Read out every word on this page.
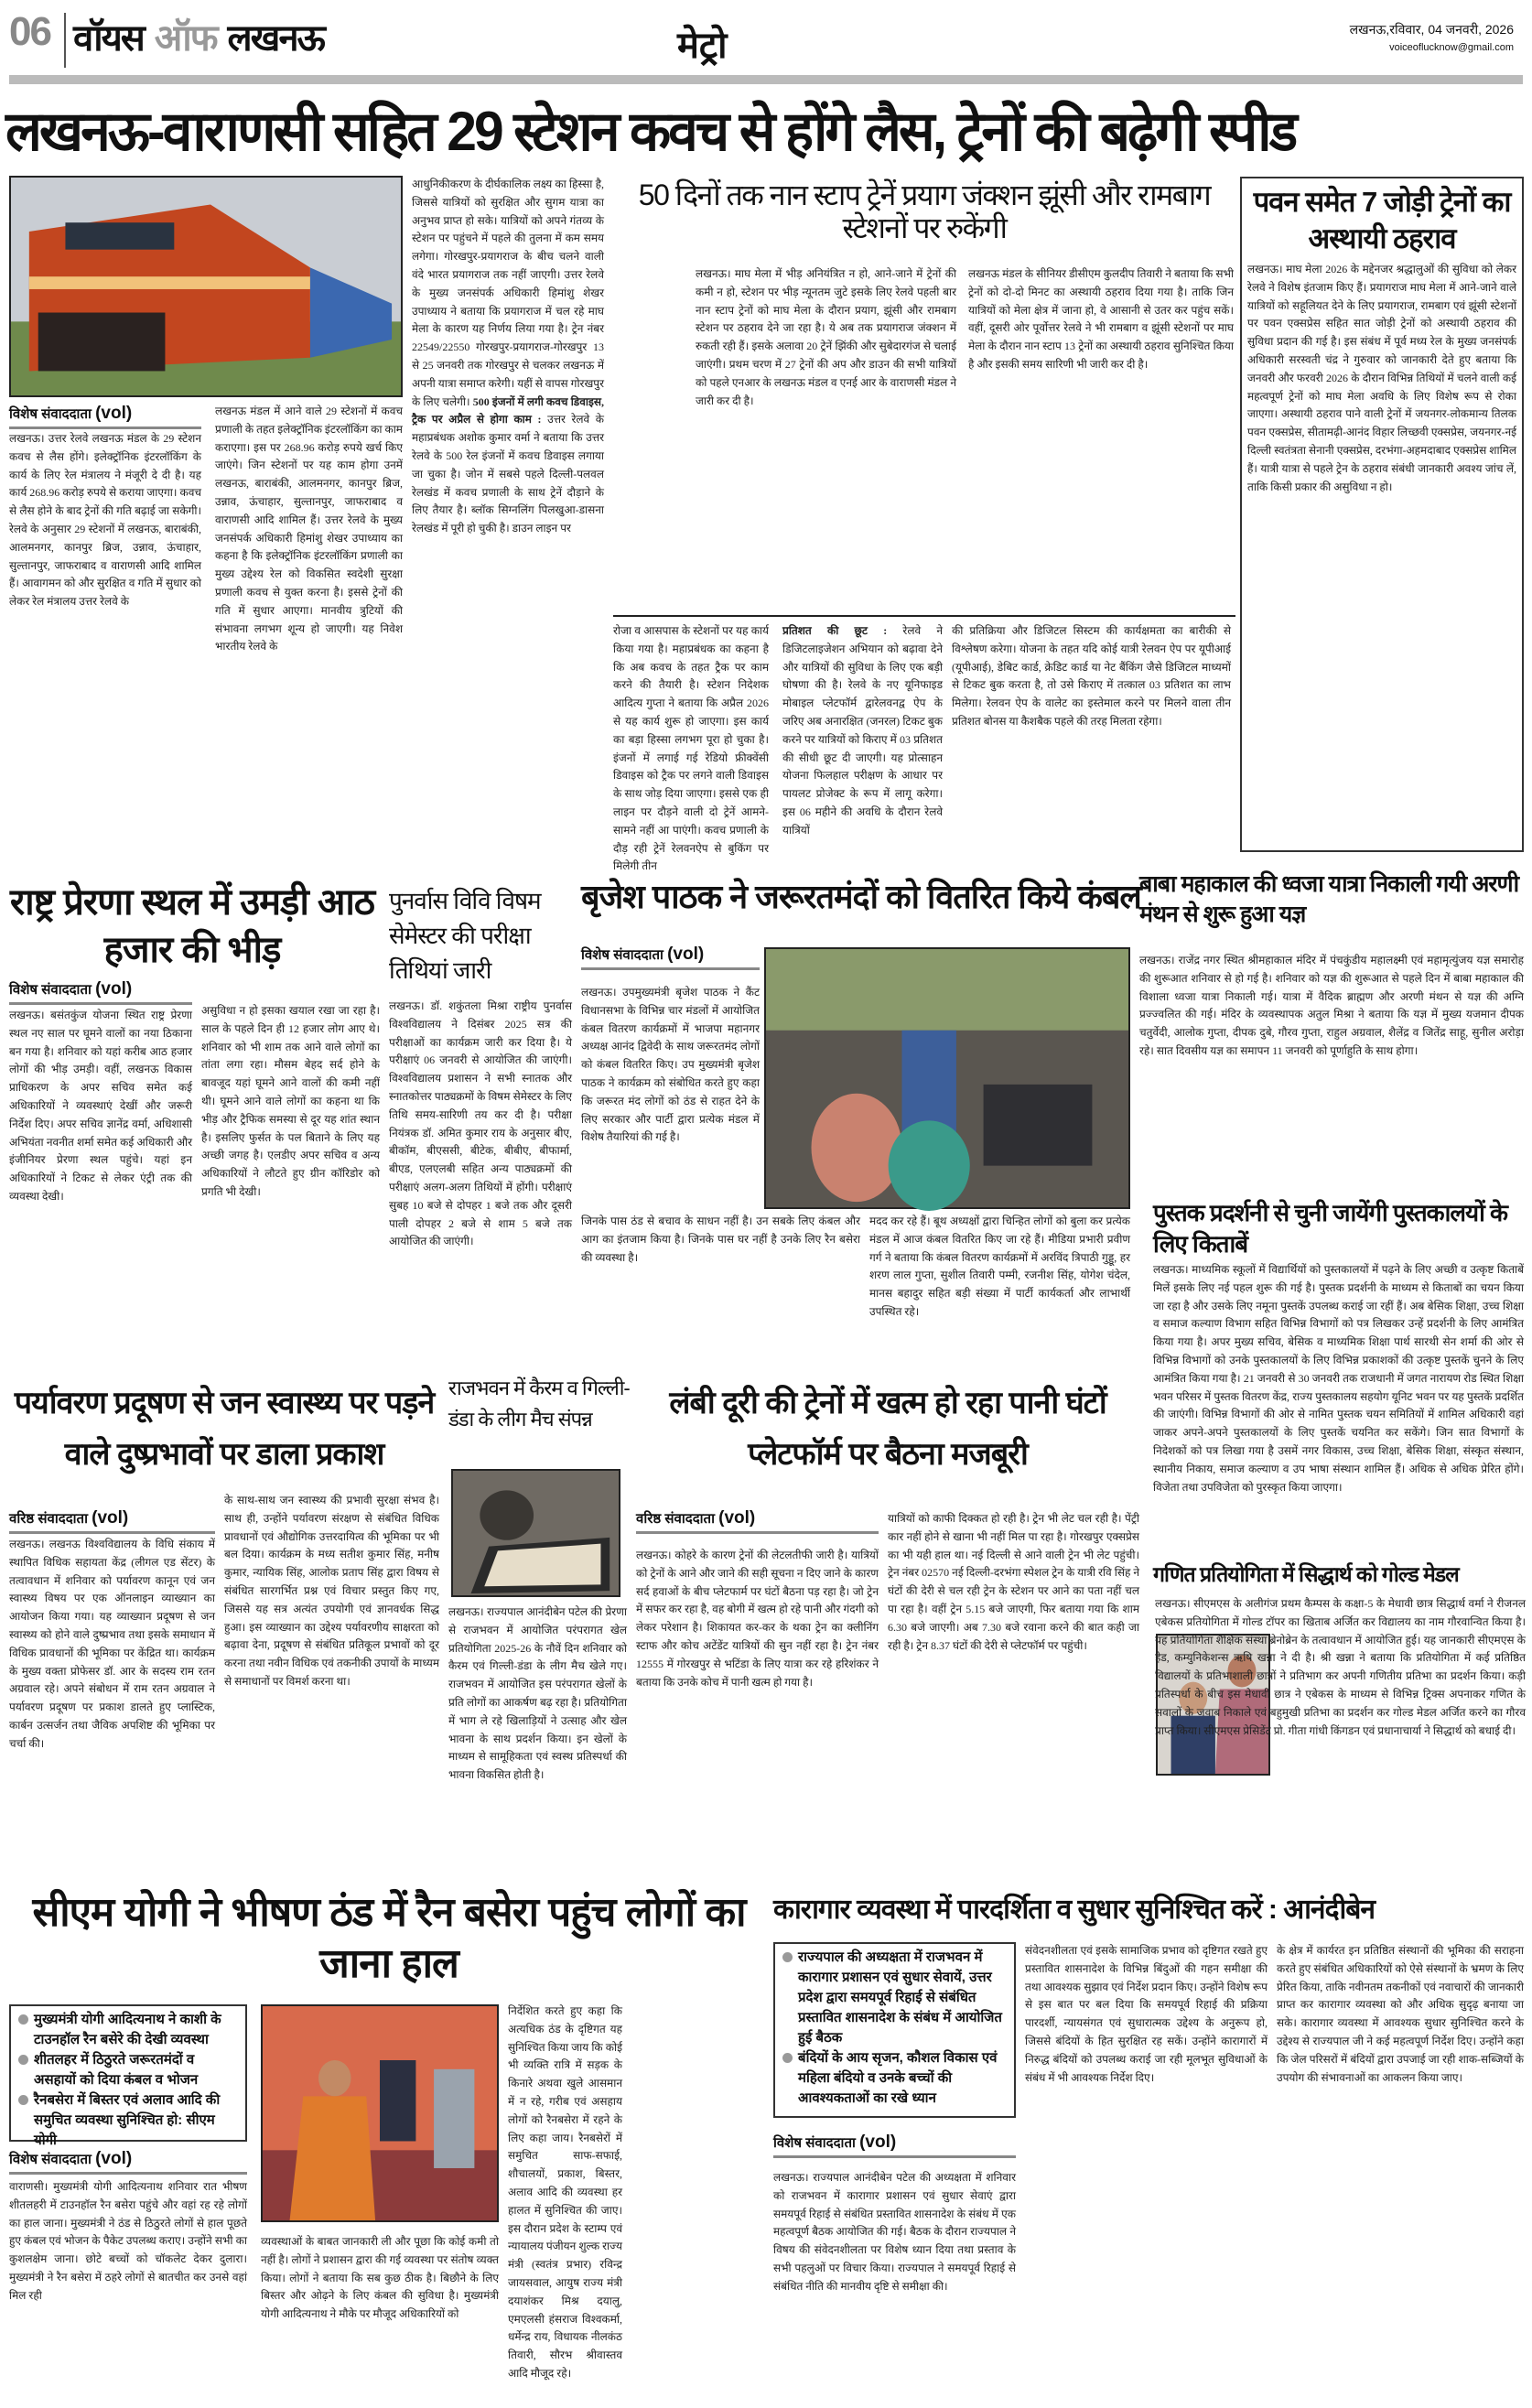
06 वॉयस ऑफ लखनऊ	मेट्रो	लखनऊ,रविवार, 04 जनवरी, 2026
voiceoflucknow@gmail.com
लखनऊ-वाराणसी सहित 29 स्टेशन कवच से होंगे लैस, ट्रेनों की बढ़ेगी स्पीड
विशेष संवाददाता (vol)
लखनऊ। उत्तर रेलवे लखनऊ मंडल के 29 स्टेशन कवच से लैस होंगे। इलेक्ट्रॉनिक इंटरलॉकिंग के कार्य के लिए रेल मंत्रालय ने मंजूरी दे दी है। यह कार्य 268.96 करोड़ रुपये से कराया जाएगा। कवच से लैस होने के बाद ट्रेनों की गति बढ़ाई जा सकेगी। रेलवे के अनुसार 29 स्टेशनों में लखनऊ, बाराबंकी, आलमनगर, कानपुर ब्रिज, उन्नाव, ऊंचाहार, सुल्तानपुर, जाफराबाद व वाराणसी आदि शामिल हैं। आवागमन को और सुरक्षित व गति में सुधार को लेकर रेल मंत्रालय उत्तर रेलवे के
लखनऊ मंडल में आने वाले 29 स्टेशनों में कवच प्रणाली के तहत इलेक्ट्रॉनिक इंटरलॉकिंग का काम कराएगा। इस पर 268.96 करोड़ रुपये खर्च किए जाएंगे। जिन स्टेशनों पर यह काम होगा उनमें लखनऊ, बाराबंकी, आलमनगर, कानपुर ब्रिज, उन्नाव, ऊंचाहार, सुल्तानपुर, जाफराबाद व वाराणसी आदि शामिल हैं। उत्तर रेलवे के मुख्य जनसंपर्क अधिकारी हिमांशु शेखर उपाध्याय का कहना है कि इलेक्ट्रॉनिक इंटरलॉकिंग प्रणाली का मुख्य उद्देश्य रेल को विकसित स्वदेशी सुरक्षा प्रणाली कवच से युक्त करना है। इससे ट्रेनों की गति में सुधार आएगा। मानवीय त्रुटियों की संभावना लगभग शून्य हो जाएगी। यह निवेश भारतीय रेलवे के
आधुनिकीकरण के दीर्घकालिक लक्ष्य का हिस्सा है, जिससे यात्रियों को सुरक्षित और सुगम यात्रा का अनुभव प्राप्त हो सके। यात्रियों को अपने गंतव्य के स्टेशन पर पहुंचने में पहले की तुलना में कम समय लगेगा। गोरखपुर-प्रयागराज के बीच चलने वाली वंदे भारत प्रयागराज तक नहीं जाएगी। उत्तर रेलवे के मुख्य जनसंपर्क अधिकारी हिमांशु शेखर उपाध्याय ने बताया कि प्रयागराज में चल रहे माघ मेला के कारण यह निर्णय लिया गया है। ट्रेन नंबर 22549/22550 गोरखपुर-प्रयागराज-गोरखपुर 13 से 25 जनवरी तक गोरखपुर से चलकर लखनऊ में अपनी यात्रा समाप्त करेगी। यहीं से वापस गोरखपुर के लिए चलेगी। 500 इंजनों में लगी कवच डिवाइस, ट्रैक पर अप्रैल से होगा काम : उत्तर रेलवे के महाप्रबंधक अशोक कुमार वर्मा ने बताया कि उत्तर रेलवे के 500 रेल इंजनों में कवच डिवाइस लगाया जा चुका है। जोन में सबसे पहले दिल्ली-पलवल रेलखंड में कवच प्रणाली के साथ ट्रेनें दौड़ाने के लिए तैयार है। ब्लॉक सिग्नलिंग पिलखुआ-डासना रेलखंड में पूरी हो चुकी है। डाउन लाइन पर
रोजा व आसपास के स्टेशनों पर यह कार्य किया गया है। महाप्रबंधक का कहना है कि अब कवच के तहत ट्रैक पर काम करने की तैयारी है। स्टेशन निदेशक आदित्य गुप्ता ने बताया कि अप्रैल 2026 से यह कार्य शुरू हो जाएगा। इस कार्य का बड़ा हिस्सा लगभग पूरा हो चुका है। इंजनों में लगाई गई रेडियो फ्रीक्वेंसी डिवाइस को ट्रैक पर लगने वाली डिवाइस के साथ जोड़ दिया जाएगा। इससे एक ही लाइन पर दौड़ने वाली दो ट्रेनें आमने-सामने नहीं आ पाएंगी। कवच प्रणाली के दौड़ रही ट्रेनें रेलवनऐप से बुकिंग पर मिलेगी तीन
50 दिनों तक नान स्टाप ट्रेनें प्रयाग जंक्शन झूंसी और रामबाग स्टेशनों पर रुकेंगी
लखनऊ। माघ मेला में भीड़ अनियंत्रित न हो, आने-जाने में ट्रेनों की कमी न हो, स्टेशन पर भीड़ न्यूनतम जुटे इसके लिए रेलवे पहली बार नान स्टाप ट्रेनों को माघ मेला के दौरान प्रयाग, झूंसी और रामबाग स्टेशन पर ठहराव देने जा रहा है। ये अब तक प्रयागराज जंक्शन में रुकती रही हैं। इसके अलावा 20 ट्रेनें झिंकी और सुबेदारगंज से चलाई जाएंगी। प्रथम चरण में 27 ट्रेनों की अप और डाउन की सभी यात्रियों को पहले एनआर के लखनऊ मंडल व एनई आर के वाराणसी मंडल ने जारी कर दी है।
लखनऊ मंडल के सीनियर डीसीएम कुलदीप तिवारी ने बताया कि सभी ट्रेनों को दो-दो मिनट का अस्थायी ठहराव दिया गया है। ताकि जिन यात्रियों को मेला क्षेत्र में जाना हो, वे आसानी से उतर कर पहुंच सकें। वहीं, दूसरी ओर पूर्वोत्तर रेलवे ने भी रामबाग व झूंसी स्टेशनों पर माघ मेला के दौरान नान स्टाप 13 ट्रेनों का अस्थायी ठहराव सुनिश्चित किया है और इसकी समय सारिणी भी जारी कर दी है।
प्रतिशत की छूट : रेलवे ने डिजिटलाइजेशन अभियान को बढ़ावा देने और यात्रियों की सुविधा के लिए एक बड़ी घोषणा की है। रेलवे के नए यूनिफाइड मोबाइल प्लेटफॉर्म द्वारेलवनद्व ऐप के जरिए अब अनारक्षित (जनरल) टिकट बुक करने पर यात्रियों को किराए में 03 प्रतिशत की सीधी छूट दी जाएगी। यह प्रोत्साहन योजना फिलहाल परीक्षण के आधार पर पायलट प्रोजेक्ट के रूप में लागू करेगा। इस 06 महीने की अवधि के दौरान रेलवे यात्रियों
की प्रतिक्रिया और डिजिटल सिस्टम की कार्यक्षमता का बारीकी से विश्लेषण करेगा। योजना के तहत यदि कोई यात्री रेलवन ऐप पर यूपीआई (यूपीआई), डेबिट कार्ड, क्रेडिट कार्ड या नेट बैंकिंग जैसे डिजिटल माध्यमों से टिकट बुक करता है, तो उसे किराए में तत्काल 03 प्रतिशत का लाभ मिलेगा। रेलवन ऐप के वालेट का इस्तेमाल करने पर मिलने वाला तीन प्रतिशत बोनस या कैशबैक पहले की तरह मिलता रहेगा।
पवन समेत 7 जोड़ी ट्रेनों का अस्थायी ठहराव
लखनऊ। माघ मेला 2026 के मद्देनजर श्रद्धालुओं की सुविधा को लेकर रेलवे ने विशेष इंतजाम किए हैं। प्रयागराज माघ मेला में आने-जाने वाले यात्रियों को सहूलियत देने के लिए प्रयागराज, रामबाग एवं झूंसी स्टेशनों पर पवन एक्सप्रेस सहित सात जोड़ी ट्रेनों को अस्थायी ठहराव की सुविधा प्रदान की गई है। इस संबंध में पूर्व मध्य रेल के मुख्य जनसंपर्क अधिकारी सरस्वती चंद्र ने गुरुवार को जानकारी देते हुए बताया कि जनवरी और फरवरी 2026 के दौरान विभिन्न तिथियों में चलने वाली कई महत्वपूर्ण ट्रेनों को माघ मेला अवधि के लिए विशेष रूप से रोका जाएगा। अस्थायी ठहराव पाने वाली ट्रेनों में जयनगर-लोकमान्य तिलक पवन एक्सप्रेस, सीतामढ़ी-आनंद विहार लिच्छवी एक्सप्रेस, जयनगर-नई दिल्ली स्वतंत्रता सेनानी एक्सप्रेस, दरभंगा-अहमदाबाद एक्सप्रेस शामिल हैं। यात्री यात्रा से पहले ट्रेन के ठहराव संबंधी जानकारी अवश्य जांच लें, ताकि किसी प्रकार की असुविधा न हो।
राष्ट्र प्रेरणा स्थल में उमड़ी आठ हजार की भीड़
विशेष संवाददाता (vol)
लखनऊ। बसंतकुंज योजना स्थित राष्ट्र प्रेरणा स्थल नए साल पर घूमने वालों का नया ठिकाना बन गया है। शनिवार को यहां करीब आठ हजार लोगों की भीड़ उमड़ी। वहीं, लखनऊ विकास प्राधिकरण के अपर सचिव समेत कई अधिकारियों ने व्यवस्थाएं देखीं और जरूरी निर्देश दिए। अपर सचिव ज्ञानेंद्र वर्मा, अधिशासी अभियंता नवनीत शर्मा समेत कई अधिकारी और इंजीनियर प्रेरणा स्थल पहुंचे। यहां इन अधिकारियों ने टिकट से लेकर एंट्री तक की व्यवस्था देखी।
असुविधा न हो इसका खयाल रखा जा रहा है। साल के पहले दिन ही 12 हजार लोग आए थे। शनिवार को भी शाम तक आने वाले लोगों का तांता लगा रहा। मौसम बेहद सर्द होने के बावजूद यहां घूमने आने वालों की कमी नहीं थी। घूमने आने वाले लोगों का कहना था कि भीड़ और ट्रैफिक समस्या से दूर यह शांत स्थान है। इसलिए फुर्सत के पल बिताने के लिए यह अच्छी जगह है। एलडीए अपर सचिव व अन्य अधिकारियों ने लौटते हुए ग्रीन कॉरिडोर को प्रगति भी देखी।
पुनर्वास विवि विषम सेमेस्टर की परीक्षा तिथियां जारी
लखनऊ। डॉ. शकुंतला मिश्रा राष्ट्रीय पुनर्वास विश्वविद्यालय ने दिसंबर 2025 सत्र की परीक्षाओं का कार्यक्रम जारी कर दिया है। ये परीक्षाएं 06 जनवरी से आयोजित की जाएंगी। विश्वविद्यालय प्रशासन ने सभी स्नातक और स्नातकोत्तर पाठ्यक्रमों के विषम सेमेस्टर के लिए तिथि समय-सारिणी तय कर दी है। परीक्षा नियंत्रक डॉ. अमित कुमार राय के अनुसार बीए, बीकॉम, बीएससी, बीटेक, बीबीए, बीफार्मा, बीएड, एलएलबी सहित अन्य पाठ्यक्रमों की परीक्षाएं अलग-अलग तिथियों में होंगी। परीक्षाएं सुबह 10 बजे से दोपहर 1 बजे तक और दूसरी पाली दोपहर 2 बजे से शाम 5 बजे तक आयोजित की जाएंगी।
बृजेश पाठक ने जरूरतमंदों को वितरित किये कंबल
विशेष संवाददाता (vol)
लखनऊ। उपमुख्यमंत्री बृजेश पाठक ने कैंट विधानसभा के विभिन्न चार मंडलों में आयोजित कंबल वितरण कार्यक्रमों में भाजपा महानगर अध्यक्ष आनंद द्विवेदी के साथ जरूरतमंद लोगों को कंबल वितरित किए। उप मुख्यमंत्री बृजेश पाठक ने कार्यक्रम को संबोधित करते हुए कहा कि जरूरत मंद लोगों को ठंड से राहत देने के लिए सरकार और पार्टी द्वारा प्रत्येक मंडल में विशेष तैयारियां की गई है।
जिनके पास ठंड से बचाव के साधन नहीं है। उन सबके लिए कंबल और आग का इंतजाम किया है। जिनके पास घर नहीं है उनके लिए रैन बसेरा की व्यवस्था है।
मदद कर रहे हैं। बूथ अध्यक्षों द्वारा चिन्हित लोगों को बुला कर प्रत्येक मंडल में आज कंबल वितरित किए जा रहे हैं। मीडिया प्रभारी प्रवीण गर्ग ने बताया कि कंबल वितरण कार्यक्रमों में अरविंद त्रिपाठी गुड्डू, हर शरण लाल गुप्ता, सुशील तिवारी पम्मी, रजनीश सिंह, योगेश चंदेल, मानस बहादुर सहित बड़ी संख्या में पार्टी कार्यकर्ता और लाभार्थी उपस्थित रहे।
बाबा महाकाल की ध्वजा यात्रा निकाली गयी अरणी मंथन से शुरू हुआ यज्ञ
लखनऊ। राजेंद्र नगर स्थित श्रीमहाकाल मंदिर में पंचकुंडीय महालक्ष्मी एवं महामृत्युंजय यज्ञ समारोह की शुरूआत शनिवार से हो गई है। शनिवार को यज्ञ की शुरूआत से पहले दिन में बाबा महाकाल की विशाला ध्वजा यात्रा निकाली गई। यात्रा में वैदिक ब्राह्मण और अरणी मंथन से यज्ञ की अग्नि प्रज्ज्वलित की गई। मंदिर के व्यवस्थापक अतुल मिश्रा ने बताया कि यज्ञ में मुख्य यजमान दीपक चतुर्वेदी, आलोक गुप्ता, दीपक दुबे, गौरव गुप्ता, राहुल अग्रवाल, शैलेंद्र व जितेंद्र साहू, सुनील अरोड़ा रहे। सात दिवसीय यज्ञ का समापन 11 जनवरी को पूर्णाहुति के साथ होगा।
पुस्तक प्रदर्शनी से चुनी जायेंगी पुस्तकालयों के लिए किताबें
लखनऊ। माध्यमिक स्कूलों में विद्यार्थियों को पुस्तकालयों में पढ़ने के लिए अच्छी व उत्कृष्ट किताबें मिलें इसके लिए नई पहल शुरू की गई है। पुस्तक प्रदर्शनी के माध्यम से किताबों का चयन किया जा रहा है और उसके लिए नमूना पुस्तकें उपलब्ध कराई जा रहीं हैं। अब बेसिक शिक्षा, उच्च शिक्षा व समाज कल्याण विभाग सहित विभिन्न विभागों को पत्र लिखकर उन्हें प्रदर्शनी के लिए आमंत्रित किया गया है। अपर मुख्य सचिव, बेसिक व माध्यमिक शिक्षा पार्थ सारथी सेन शर्मा की ओर से विभिन्न विभागों को उनके पुस्तकालयों के लिए विभिन्न प्रकाशकों की उत्कृष्ट पुस्तकें चुनने के लिए आमंत्रित किया गया है। 21 जनवरी से 30 जनवरी तक राजधानी में जगत नारायण रोड स्थित शिक्षा भवन परिसर में पुस्तक वितरण केंद्र, राज्य पुस्तकालय सहयोग यूनिट भवन पर यह पुस्तकें प्रदर्शित की जाएंगी। विभिन्न विभागों की ओर से नामित पुस्तक चयन समितियों में शामिल अधिकारी वहां जाकर अपने-अपने पुस्तकालयों के लिए पुस्तकें चयनित कर सकेंगे। जिन सात विभागों के निदेशकों को पत्र लिखा गया है उसमें नगर विकास, उच्च शिक्षा, बेसिक शिक्षा, संस्कृत संस्थान, स्थानीय निकाय, समाज कल्याण व उप भाषा संस्थान शामिल हैं। अधिक से अधिक प्रेरित होंगे। विजेता तथा उपविजेता को पुरस्कृत किया जाएगा।
पर्यावरण प्रदूषण से जन स्वास्थ्य पर पड़ने वाले दुष्प्रभावों पर डाला प्रकाश
वरिष्ठ संवाददाता (vol)
लखनऊ। लखनऊ विश्वविद्यालय के विधि संकाय में स्थापित विधिक सहायता केंद्र (लीगल एड सेंटर) के तत्वावधान में शनिवार को पर्यावरण कानून एवं जन स्वास्थ्य विषय पर एक ऑनलाइन व्याख्यान का आयोजन किया गया। यह व्याख्यान प्रदूषण से जन स्वास्थ्य को होने वाले दुष्प्रभाव तथा इसके समाधान में विधिक प्रावधानों की भूमिका पर केंद्रित था। कार्यक्रम के मुख्य वक्ता प्रोफेसर डॉ. आर के सदस्य राम रतन अग्रवाल रहे। अपने संबोधन में राम रतन अग्रवाल ने पर्यावरण प्रदूषण पर प्रकाश डालते हुए प्लास्टिक, कार्बन उत्सर्जन तथा जैविक अपशिष्ट की भूमिका पर चर्चा की।
के साथ-साथ जन स्वास्थ्य की प्रभावी सुरक्षा संभव है। साथ ही, उन्होंने पर्यावरण संरक्षण से संबंधित विधिक प्रावधानों एवं औद्योगिक उत्तरदायित्व की भूमिका पर भी बल दिया। कार्यक्रम के मध्य सतीश कुमार सिंह, मनीष कुमार, न्यायिक सिंह, आलोक प्रताप सिंह द्वारा विषय से संबंधित सारगर्भित प्रश्न एवं विचार प्रस्तुत किए गए, जिससे यह सत्र अत्यंत उपयोगी एवं ज्ञानवर्धक सिद्ध हुआ। इस व्याख्यान का उद्देश्य पर्यावरणीय साक्षरता को बढ़ावा देना, प्रदूषण से संबंधित प्रतिकूल प्रभावों को दूर करना तथा नवीन विधिक एवं तकनीकी उपायों के माध्यम से समाधानों पर विमर्श करना था।
राजभवन में कैरम व गिल्ली-डंडा के लीग मैच संपन्न
लखनऊ। राज्यपाल आनंदीबेन पटेल की प्रेरणा से राजभवन में आयोजित परंपरागत खेल प्रतियोगिता 2025-26 के नौवें दिन शनिवार को कैरम एवं गिल्ली-डंडा के लीग मैच खेले गए। राजभवन में आयोजित इस परंपरागत खेलों के प्रति लोगों का आकर्षण बढ़ रहा है। प्रतियोगिता में भाग ले रहे खिलाड़ियों ने उत्साह और खेल भावना के साथ प्रदर्शन किया। इन खेलों के माध्यम से सामूहिकता एवं स्वस्थ प्रतिस्पर्धा की भावना विकसित होती है।
लंबी दूरी की ट्रेनों में खत्म हो रहा पानी घंटों प्लेटफॉर्म पर बैठना मजबूरी
वरिष्ठ संवाददाता (vol)
लखनऊ। कोहरे के कारण ट्रेनों की लेटलतीफी जारी है। यात्रियों को ट्रेनों के आने और जाने की सही सूचना न दिए जाने के कारण सर्द हवाओं के बीच प्लेटफार्म पर घंटों बैठना पड़ रहा है। जो ट्रेन में सफर कर रहा है, वह बोगी में खत्म हो रहे पानी और गंदगी को लेकर परेशान है। शिकायत कर-कर के थका ट्रेन का क्लीनिंग स्टाफ और कोच अटेंडेंट यात्रियों की सुन नहीं रहा है। ट्रेन नंबर 12555 में गोरखपुर से भटिंडा के लिए यात्रा कर रहे हरिशंकर ने बताया कि उनके कोच में पानी खत्म हो गया है।
यात्रियों को काफी दिक्कत हो रही है। ट्रेन भी लेट चल रही है। पेंट्री कार नहीं होने से खाना भी नहीं मिल पा रहा है। गोरखपुर एक्सप्रेस का भी यही हाल था। नई दिल्ली से आने वाली ट्रेन भी लेट पहुंची। ट्रेन नंबर 02570 नई दिल्ली-दरभंगा स्पेशल ट्रेन के यात्री रवि सिंह ने घंटों की देरी से चल रही ट्रेन के स्टेशन पर आने का पता नहीं चल पा रहा है। वहीं ट्रेन 5.15 बजे जाएगी, फिर बताया गया कि शाम 6.30 बजे जाएगी। अब 7.30 बजे रवाना करने की बात कही जा रही है। ट्रेन 8.37 घंटों की देरी से प्लेटफॉर्म पर पहुंची।
गणित प्रतियोगिता में सिद्धार्थ को गोल्ड मेडल
लखनऊ। सीएमएस के अलीगंज प्रथम कैम्पस के कक्षा-5 के मेधावी छात्र सिद्धार्थ वर्मा ने रीजनल एबेकस प्रतियोगिता में गोल्ड टॉपर का खिताब अर्जित कर विद्यालय का नाम गौरवान्वित किया है। यह प्रतियोगिता शैक्षिक संस्था ब्रेनोब्रेन के तत्वावधान में आयोजित हुई। यह जानकारी सीएमएस के हेड, कम्युनिकेशन्स ऋषि खन्ना ने दी है। श्री खन्ना ने बताया कि प्रतियोगिता में कई प्रतिष्ठित विद्यालयों के प्रतिभाशाली छात्रों ने प्रतिभाग कर अपनी गणितीय प्रतिभा का प्रदर्शन किया। कड़ी प्रतिस्पर्धा के बीच इस मेधावी छात्र ने एबेकस के माध्यम से विभिन्न ट्रिक्स अपनाकर गणित के सवालों के जवाब निकाले एवं बहुमुखी प्रतिभा का प्रदर्शन कर गोल्ड मेडल अर्जित करने का गौरव प्राप्त किया। सीएमएस प्रेसिडेंट प्रो. गीता गांधी किंगडन एवं प्रधानाचार्या ने सिद्धार्थ को बधाई दी।
सीएम योगी ने भीषण ठंड में रैन बसेरा पहुंच लोगों का जाना हाल
मुख्यमंत्री योगी आदित्यनाथ ने काशी के टाउनहॉल रैन बसेरे की देखी व्यवस्था
शीतलहर में ठिठुरते जरूरतमंदों व असहायों को दिया कंबल व भोजन
रैनबसेरा में बिस्तर एवं अलाव आदि की समुचित व्यवस्था सुनिश्चित हो: सीएम योगी
विशेष संवाददाता (vol)
वाराणसी। मुख्यमंत्री योगी आदित्यनाथ शनिवार रात भीषण शीतलहरी में टाउनहॉल रैन बसेरा पहुंचे और वहां रह रहे लोगों का हाल जाना। मुख्यमंत्री ने ठंड से ठिठुरते लोगों से हाल पूछते हुए कंबल एवं भोजन के पैकेट उपलब्ध कराए। उन्होंने सभी का कुशलक्षेम जाना। छोटे बच्चों को चॉकलेट देकर दुलारा। मुख्यमंत्री ने रैन बसेरा में ठहरे लोगों से बातचीत कर उनसे वहां मिल रही
व्यवस्थाओं के बाबत जानकारी ली और पूछा कि कोई कमी तो नहीं है। लोगों ने प्रशासन द्वारा की गई व्यवस्था पर संतोष व्यक्त किया। लोगों ने बताया कि सब कुछ ठीक है। बिछौने के लिए बिस्तर और ओढ़ने के लिए कंबल की सुविधा है। मुख्यमंत्री योगी आदित्यनाथ ने मौके पर मौजूद अधिकारियों को
निर्देशित करते हुए कहा कि अत्यधिक ठंड के दृष्टिगत यह सुनिश्चित किया जाय कि कोई भी व्यक्ति रात्रि में सड़क के किनारे अथवा खुले आसमान में न रहे, गरीब एवं असहाय लोगों को रैनबसेरा में रहने के लिए कहा जाय। रैनबसेरों में समुचित साफ-सफाई, शौचालयों, प्रकाश, बिस्तर, अलाव आदि की व्यवस्था हर हालत में सुनिश्चित की जाए। इस दौरान प्रदेश के स्टाम्प एवं न्यायालय पंजीयन शुल्क राज्य मंत्री (स्वतंत्र प्रभार) रविन्द्र जायसवाल, आयुष राज्य मंत्री दयाशंकर मिश्र दयालु, एमएलसी हंसराज विश्वकर्मा, धर्मेन्द्र राय, विधायक नीलकंठ तिवारी, सौरभ श्रीवास्तव आदि मौजूद रहे।
कारागार व्यवस्था में पारदर्शिता व सुधार सुनिश्चित करें : आनंदीबेन
राज्यपाल की अध्यक्षता में राजभवन में कारागार प्रशासन एवं सुधार सेवायें, उत्तर प्रदेश द्वारा समयपूर्व रिहाई से संबंधित प्रस्तावित शासनादेश के संबंध में आयोजित हुई बैठक
बंदियों के आय सृजन, कौशल विकास एवं महिला बंदियो व उनके बच्चों की आवश्यकताओं का रखे ध्यान
विशेष संवाददाता (vol)
लखनऊ। राज्यपाल आनंदीबेन पटेल की अध्यक्षता में शनिवार को राजभवन में कारागार प्रशासन एवं सुधार सेवाएं द्वारा समयपूर्व रिहाई से संबंधित प्रस्तावित शासनादेश के संबंध में एक महत्वपूर्ण बैठक आयोजित की गई। बैठक के दौरान राज्यपाल ने विषय की संवेदनशीलता पर विशेष ध्यान दिया तथा प्रस्ताव के सभी पहलुओं पर विचार किया। राज्यपाल ने समयपूर्व रिहाई से संबंधित नीति की मानवीय दृष्टि से समीक्षा की।
संवेदनशीलता एवं इसके सामाजिक प्रभाव को दृष्टिगत रखते हुए प्रस्तावित शासनादेश के विभिन्न बिंदुओं की गहन समीक्षा की तथा आवश्यक सुझाव एवं निर्देश प्रदान किए। उन्होंने विशेष रूप से इस बात पर बल दिया कि समयपूर्व रिहाई की प्रक्रिया पारदर्शी, न्यायसंगत एवं सुधारात्मक उद्देश्य के अनुरूप हो, जिससे बंदियों के हित सुरक्षित रह सकें। उन्होंने कारागारों में निरुद्ध बंदियों को उपलब्ध कराई जा रही मूलभूत सुविधाओं के संबंध में भी आवश्यक निर्देश दिए।
के क्षेत्र में कार्यरत इन प्रतिष्ठित संस्थानों की भूमिका की सराहना करते हुए संबंधित अधिकारियों को ऐसे संस्थानों के भ्रमण के लिए प्रेरित किया, ताकि नवीनतम तकनीकों एवं नवाचारों की जानकारी प्राप्त कर कारागार व्यवस्था को और अधिक सुदृढ़ बनाया जा सके। कारागार व्यवस्था में आवश्यक सुधार सुनिश्चित करने के उद्देश्य से राज्यपाल जी ने कई महत्वपूर्ण निर्देश दिए। उन्होंने कहा कि जेल परिसरों में बंदियों द्वारा उपजाई जा रही शाक-सब्जियों के उपयोग की संभावनाओं का आकलन किया जाए।
